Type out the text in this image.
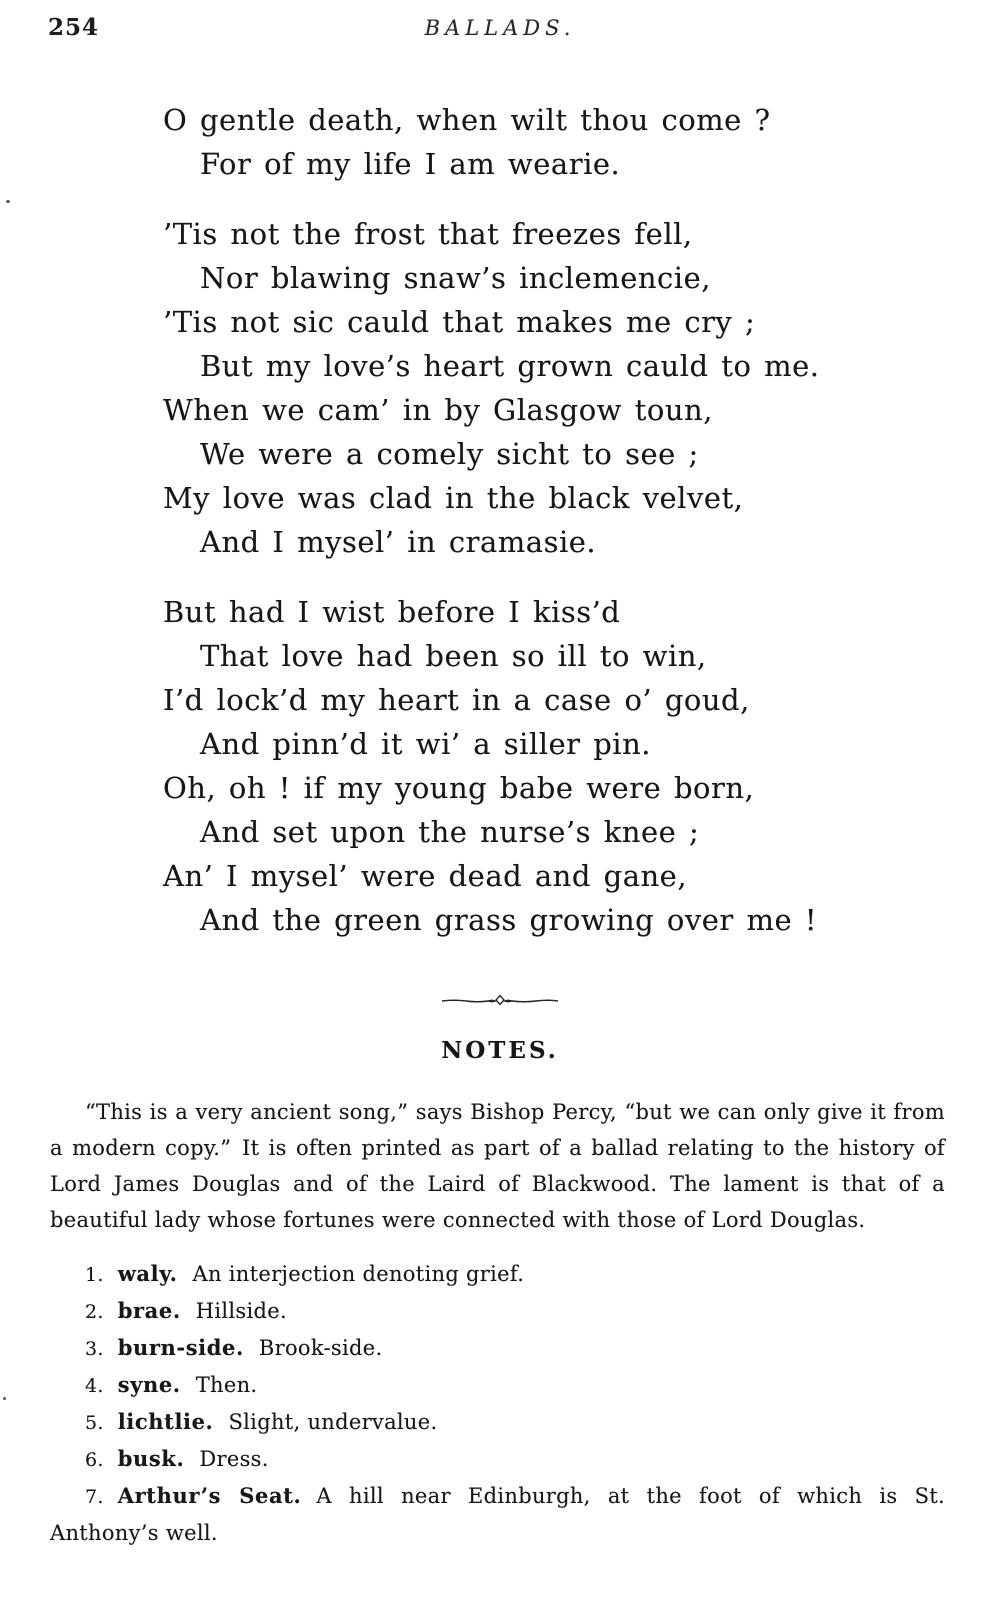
254	BALLADS.
O gentle death, when wilt thou come ?
For of my life I am wearie.
’Tis not the frost that freezes fell,
Nor blawing snaw’s inclemencie,
’Tis not sic cauld that makes me cry ;
But my love’s heart grown cauld to me.
When we cam’ in by Glasgow toun,
We were a comely sicht to see ;
My love was clad in the black velvet,
And I mysel’ in cramasie.
But had I wist before I kiss’d
That love had been so ill to win,
I’d lock’d my heart in a case o’ goud,
And pinn’d it wi’ a siller pin.
Oh, oh ! if my young babe were born,
And set upon the nurse’s knee ;
An’ I mysel’ were dead and gane,
And the green grass growing over me !
NOTES.

“This is a very ancient song,” says Bishop Percy, “but we can only give it from a modern copy.” It is often printed as part of a ballad relating to the history of Lord James Douglas and of the Laird of Blackwood. The lament is that of a beautiful lady whose fortunes were connected with those of Lord Douglas.

1. waly. An interjection denoting grief.
2. brae. Hillside.
3. burn-side. Brook-side.
4. syne. Then.
5. lichtlie. Slight, undervalue.
6. busk. Dress.
7. Arthur’s Seat. A hill near Edinburgh, at the foot of which is St. Anthony’s well.
